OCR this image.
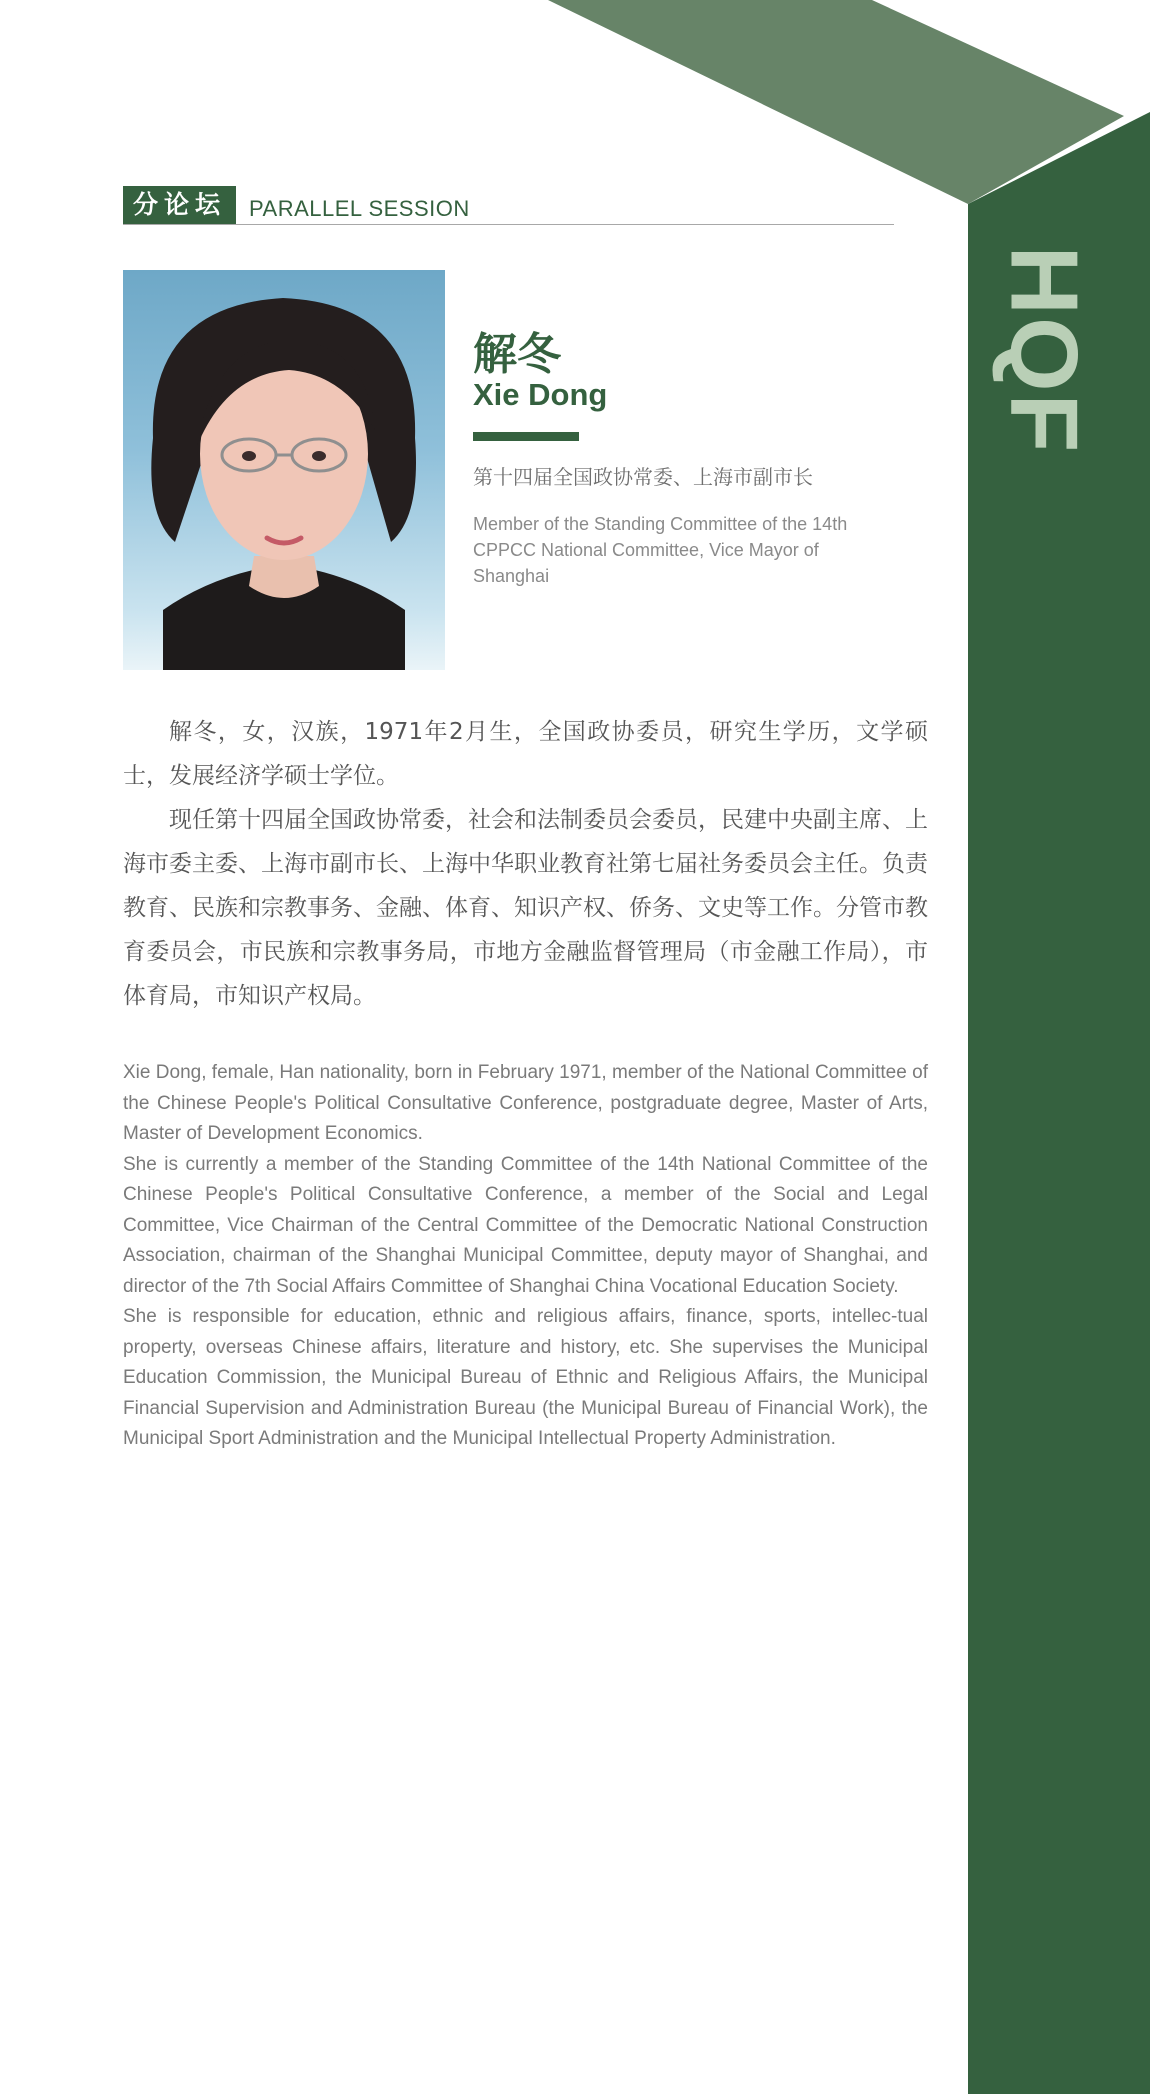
HQF
分论坛	PARALLEL SESSION
解冬
Xie Dong
第十四届全国政协常委、上海市副市长
Member of the Standing Committee of the 14th CPPCC National Committee, Vice Mayor of Shanghai

解冬，女，汉族，1971年2月生，全国政协委员，研究生学历，文学硕士，发展经济学硕士学位。

现任第十四届全国政协常委，社会和法制委员会委员，民建中央副主席、上海市委主委、上海市副市长、上海中华职业教育社第七届社务委员会主任。负责教育、民族和宗教事务、金融、体育、知识产权、侨务、文史等工作。分管市教育委员会，市民族和宗教事务局，市地方金融监督管理局（市金融工作局），市体育局，市知识产权局。

Xie Dong, female, Han nationality, born in February 1971, member of the National Committee of the Chinese People's Political Consultative Conference, postgraduate degree, Master of Arts, Master of Development Economics.

She is currently a member of the Standing Committee of the 14th National Committee of the Chinese People's Political Consultative Conference, a member of the Social and Legal Committee, Vice Chairman of the Central Committee of the Democratic National Construction Association, chairman of the Shanghai Municipal Committee, deputy mayor of Shanghai, and director of the 7th Social Affairs Committee of Shanghai China Vocational Education Society.

She is responsible for education, ethnic and religious affairs, finance, sports, intellec-tual property, overseas Chinese affairs, literature and history, etc. She supervises the Municipal Education Commission, the Municipal Bureau of Ethnic and Religious Affairs, the Municipal Financial Supervision and Administration Bureau (the Municipal Bureau of Financial Work), the Municipal Sport Administration and the Municipal Intellectual Property Administration.
